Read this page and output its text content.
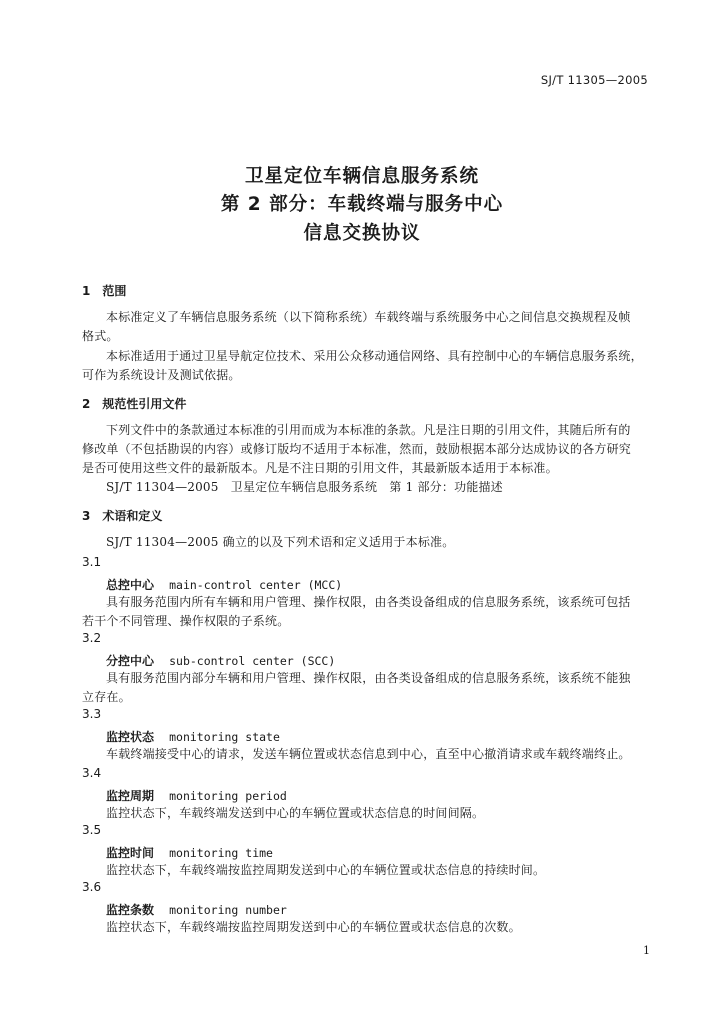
SJ/T 11305—2005
卫星定位车辆信息服务系统
第 2 部分：车载终端与服务中心
信息交换协议
1　范围
本标准定义了车辆信息服务系统（以下简称系统）车载终端与系统服务中心之间信息交换规程及帧
格式。
本标准适用于通过卫星导航定位技术、采用公众移动通信网络、具有控制中心的车辆信息服务系统，
可作为系统设计及测试依据。
2　规范性引用文件
下列文件中的条款通过本标准的引用而成为本标准的条款。凡是注日期的引用文件，其随后所有的
修改单（不包括勘误的内容）或修订版均不适用于本标准，然而，鼓励根据本部分达成协议的各方研究
是否可使用这些文件的最新版本。凡是不注日期的引用文件，其最新版本适用于本标准。
SJ/T 11304—2005　卫星定位车辆信息服务系统　第 1 部分：功能描述
3　术语和定义
SJ/T 11304—2005 确立的以及下列术语和定义适用于本标准。
3.1
总控中心 main-control center (MCC)
具有服务范围内所有车辆和用户管理、操作权限，由各类设备组成的信息服务系统，该系统可包括
若干个不同管理、操作权限的子系统。
3.2
分控中心 sub-control center (SCC)
具有服务范围内部分车辆和用户管理、操作权限，由各类设备组成的信息服务系统，该系统不能独
立存在。
3.3
监控状态 monitoring state
车载终端接受中心的请求，发送车辆位置或状态信息到中心，直至中心撤消请求或车载终端终止。
3.4
监控周期 monitoring period
监控状态下，车载终端发送到中心的车辆位置或状态信息的时间间隔。
3.5
监控时间 monitoring time
监控状态下，车载终端按监控周期发送到中心的车辆位置或状态信息的持续时间。
3.6
监控条数 monitoring number
监控状态下，车载终端按监控周期发送到中心的车辆位置或状态信息的次数。
1
